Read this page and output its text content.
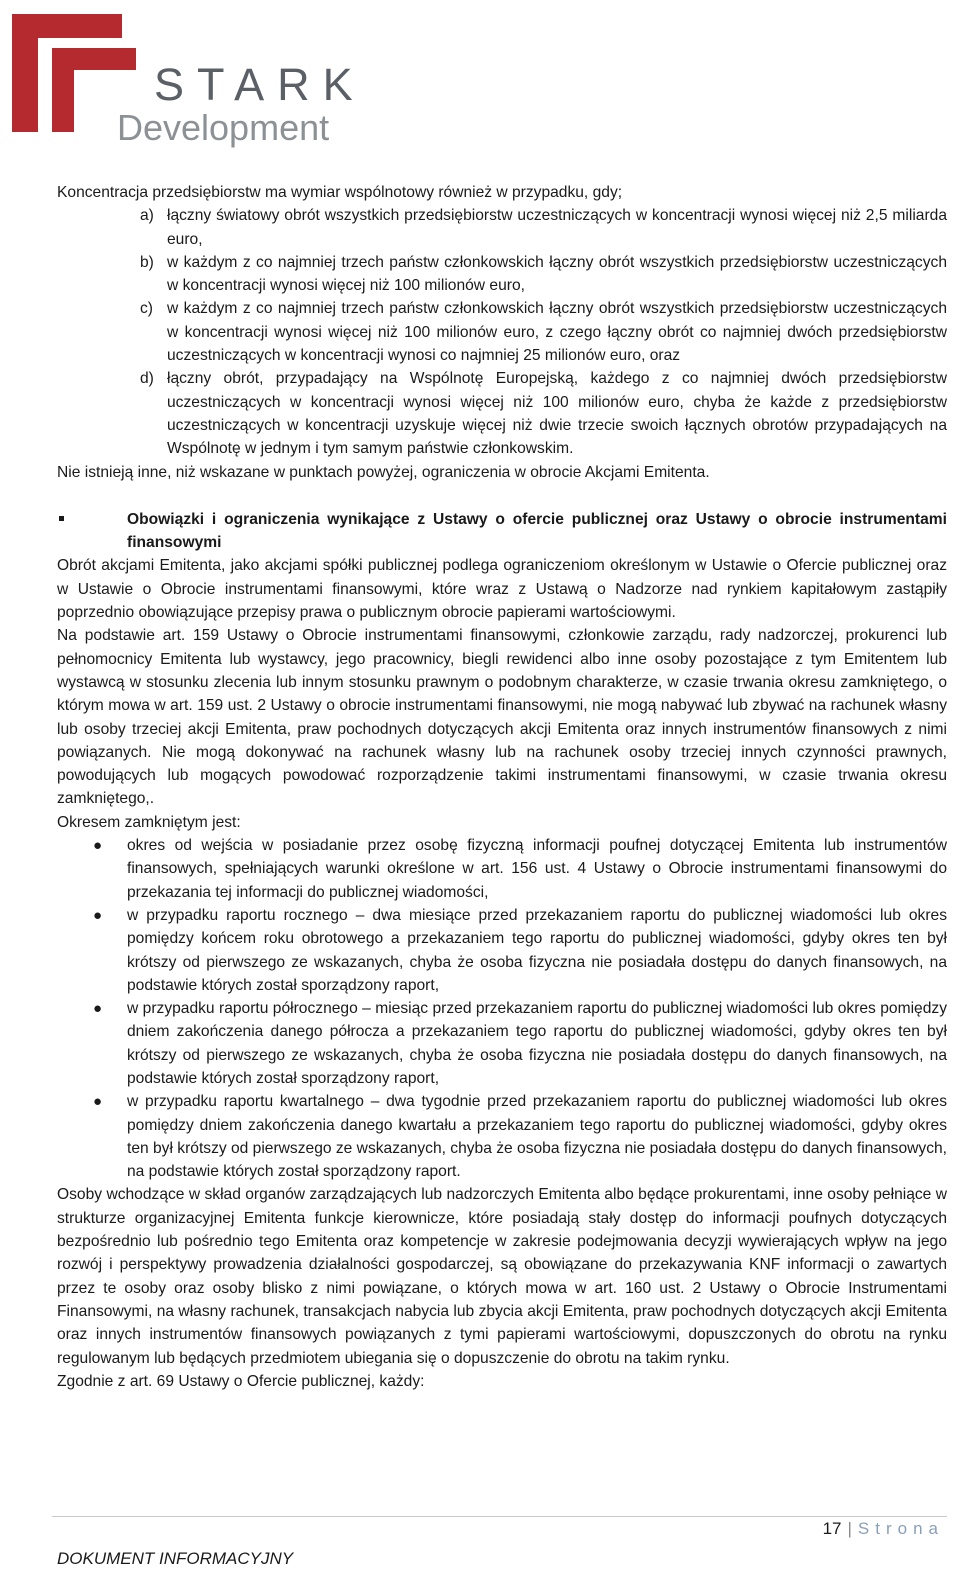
STARK
Development

Koncentracja przedsiębiorstw ma wymiar wspólnotowy również w przypadku, gdy;

a) łączny światowy obrót wszystkich przedsiębiorstw uczestniczących w koncentracji wynosi więcej niż 2,5 miliarda euro,
b) w każdym z co najmniej trzech państw członkowskich łączny obrót wszystkich przedsiębiorstw uczestniczących w koncentracji wynosi więcej niż 100 milionów euro,
c) w każdym z co najmniej trzech państw członkowskich łączny obrót wszystkich przedsiębiorstw uczestniczących w koncentracji wynosi więcej niż 100 milionów euro, z czego łączny obrót co najmniej dwóch przedsiębiorstw uczestniczących w koncentracji wynosi co najmniej 25 milionów euro, oraz
d) łączny obrót, przypadający na Wspólnotę Europejską, każdego z co najmniej dwóch przedsiębiorstw uczestniczących w koncentracji wynosi więcej niż 100 milionów euro, chyba że każde z przedsiębiorstw uczestniczących w koncentracji uzyskuje więcej niż dwie trzecie swoich łącznych obrotów przypadających na Wspólnotę w jednym i tym samym państwie członkowskim.

Nie istnieją inne, niż wskazane w punktach powyżej, ograniczenia w obrocie Akcjami Emitenta.

Obowiązki i ograniczenia wynikające z Ustawy o ofercie publicznej oraz Ustawy o obrocie instrumentami finansowymi

Obrót akcjami Emitenta, jako akcjami spółki publicznej podlega ograniczeniom określonym w Ustawie o Ofercie publicznej oraz w Ustawie o Obrocie instrumentami finansowymi, które wraz z Ustawą o Nadzorze nad rynkiem kapitałowym zastąpiły poprzednio obowiązujące przepisy prawa o publicznym obrocie papierami wartościowymi.

Na podstawie art. 159 Ustawy o Obrocie instrumentami finansowymi, członkowie zarządu, rady nadzorczej, prokurenci lub pełnomocnicy Emitenta lub wystawcy, jego pracownicy, biegli rewidenci albo inne osoby pozostające z tym Emitentem lub wystawcą w stosunku zlecenia lub innym stosunku prawnym o podobnym charakterze, w czasie trwania okresu zamkniętego, o którym mowa w art. 159 ust. 2 Ustawy o obrocie instrumentami finansowymi, nie mogą nabywać lub zbywać na rachunek własny lub osoby trzeciej akcji Emitenta, praw pochodnych dotyczących akcji Emitenta oraz innych instrumentów finansowych z nimi powiązanych. Nie mogą dokonywać na rachunek własny lub na rachunek osoby trzeciej innych czynności prawnych, powodujących lub mogących powodować rozporządzenie takimi instrumentami finansowymi, w czasie trwania okresu zamkniętego,.

Okresem zamkniętym jest:

● okres od wejścia w posiadanie przez osobę fizyczną informacji poufnej dotyczącej Emitenta lub instrumentów finansowych, spełniających warunki określone w art. 156 ust. 4 Ustawy o Obrocie instrumentami finansowymi do przekazania tej informacji do publicznej wiadomości,
● w przypadku raportu rocznego – dwa miesiące przed przekazaniem raportu do publicznej wiadomości lub okres pomiędzy końcem roku obrotowego a przekazaniem tego raportu do publicznej wiadomości, gdyby okres ten był krótszy od pierwszego ze wskazanych, chyba że osoba fizyczna nie posiadała dostępu do danych finansowych, na podstawie których został sporządzony raport,
● w przypadku raportu półrocznego – miesiąc przed przekazaniem raportu do publicznej wiadomości lub okres pomiędzy dniem zakończenia danego półrocza a przekazaniem tego raportu do publicznej wiadomości, gdyby okres ten był krótszy od pierwszego ze wskazanych, chyba że osoba fizyczna nie posiadała dostępu do danych finansowych, na podstawie których został sporządzony raport,
● w przypadku raportu kwartalnego – dwa tygodnie przed przekazaniem raportu do publicznej wiadomości lub okres pomiędzy dniem zakończenia danego kwartału a przekazaniem tego raportu do publicznej wiadomości, gdyby okres ten był krótszy od pierwszego ze wskazanych, chyba że osoba fizyczna nie posiadała dostępu do danych finansowych, na podstawie których został sporządzony raport.

Osoby wchodzące w skład organów zarządzających lub nadzorczych Emitenta albo będące prokurentami, inne osoby pełniące w strukturze organizacyjnej Emitenta funkcje kierownicze, które posiadają stały dostęp do informacji poufnych dotyczących bezpośrednio lub pośrednio tego Emitenta oraz kompetencje w zakresie podejmowania decyzji wywierających wpływ na jego rozwój i perspektywy prowadzenia działalności gospodarczej, są obowiązane do przekazywania KNF informacji o zawartych przez te osoby oraz osoby blisko z nimi powiązane, o których mowa w art. 160 ust. 2 Ustawy o Obrocie Instrumentami Finansowymi, na własny rachunek, transakcjach nabycia lub zbycia akcji Emitenta, praw pochodnych dotyczących akcji Emitenta oraz innych instrumentów finansowych powiązanych z tymi papierami wartościowymi, dopuszczonych do obrotu na rynku regulowanym lub będących przedmiotem ubiegania się o dopuszczenie do obrotu na takim rynku.

Zgodnie z art. 69 Ustawy o Ofercie publicznej, każdy:

17 | Strona
DOKUMENT INFORMACYJNY
